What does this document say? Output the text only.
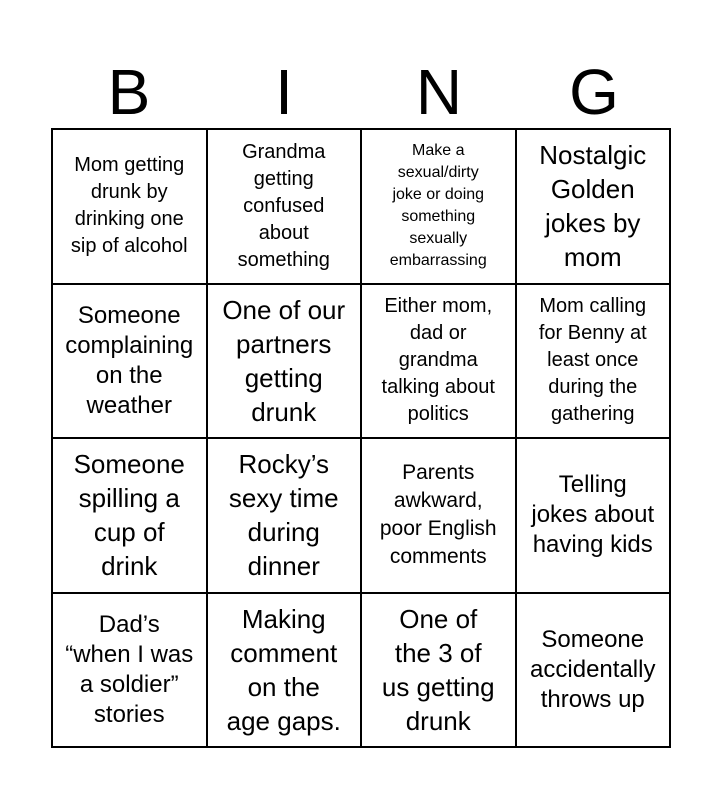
B	I	N	G
Mom getting
drunk by
drinking one
sip of alcohol
Grandma
getting
confused
about
something
Make a
sexual/dirty
joke or doing
something
sexually
embarrassing
Nostalgic
Golden
jokes by
mom
Someone
complaining
on the
weather
One of our
partners
getting
drunk
Either mom,
dad or
grandma
talking about
politics
Mom calling
for Benny at
least once
during the
gathering
Someone
spilling a
cup of
drink
Rocky’s
sexy time
during
dinner
Parents
awkward,
poor English
comments
Telling
jokes about
having kids
Dad’s
“when I was
a soldier”
stories
Making
comment
on the
age gaps.
One of
the 3 of
us getting
drunk
Someone
accidentally
throws up
